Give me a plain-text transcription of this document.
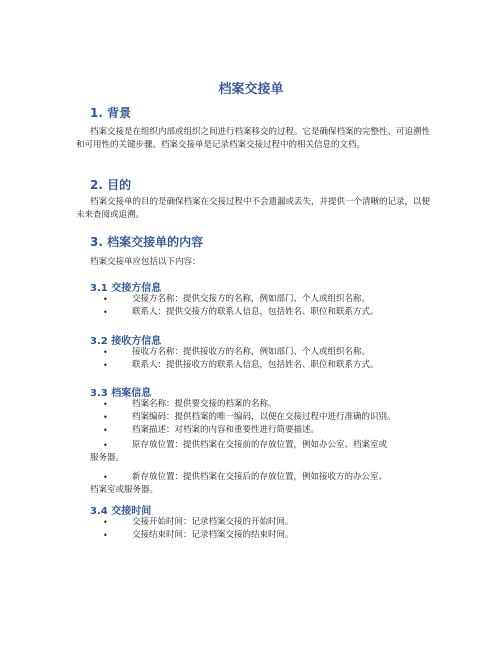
档案交接单
1. 背景

档案交接是在组织内部或组织之间进行档案移交的过程。它是确保档案的完整性、可追溯性和可用性的关键步骤。档案交接单是记录档案交接过程中的相关信息的文档。

2. 目的

档案交接单的目的是确保档案在交接过程中不会遗漏或丢失，并提供一个清晰的记录，以便未来查阅或追溯。

3. 档案交接单的内容

档案交接单应包括以下内容：

3.1 交接方信息
•	交接方名称：提供交接方的名称，例如部门、个人或组织名称。
•	联系人：提供交接方的联系人信息，包括姓名、职位和联系方式。
3.2 接收方信息
•	接收方名称：提供接收方的名称，例如部门、个人或组织名称。
•	联系人：提供接收方的联系人信息，包括姓名、职位和联系方式。
3.3 档案信息
•	档案名称：提供要交接的档案的名称。
•	档案编码：提供档案的唯一编码，以便在交接过程中进行准确的识别。
•	档案描述：对档案的内容和重要性进行简要描述。
•	原存放位置：提供档案在交接前的存放位置，例如办公室、档案室或
服务器。
•	新存放位置：提供档案在交接后的存放位置，例如接收方的办公室、
档案室或服务器。
3.4 交接时间
•	交接开始时间：记录档案交接的开始时间。
•	交接结束时间：记录档案交接的结束时间。
